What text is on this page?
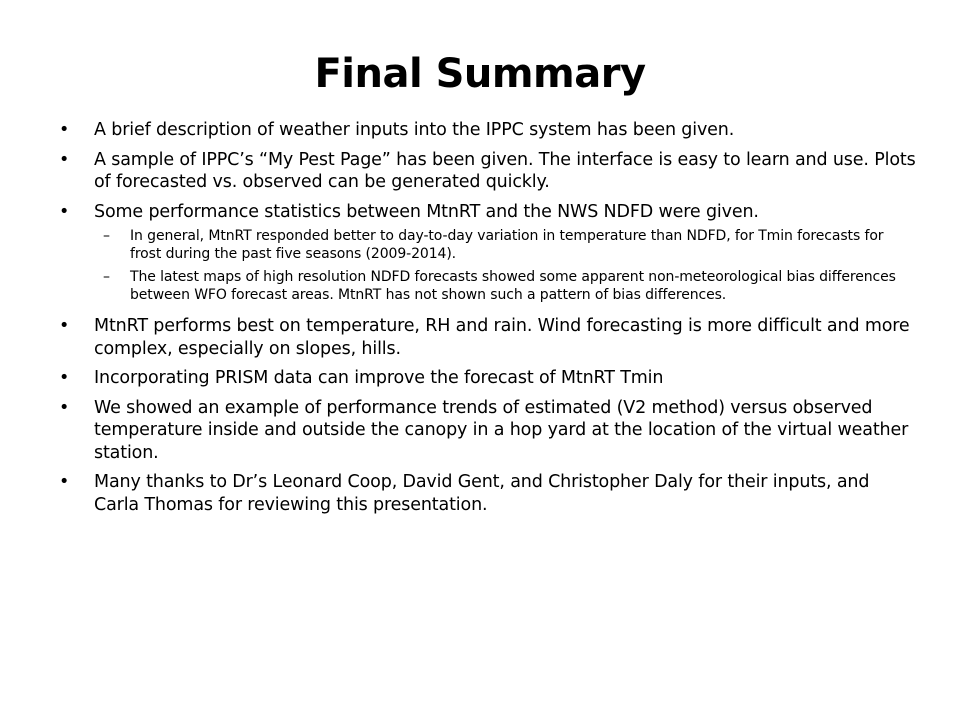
Final Summary
• A brief description of weather inputs into the IPPC system has been given.
• A sample of IPPC’s “My Pest Page” has been given. The interface is easy to learn and use. Plots of forecasted vs. observed can be generated quickly.
• Some performance statistics between MtnRT and the NWS NDFD were given.
– In general, MtnRT responded better to day-to-day variation in temperature than NDFD, for Tmin forecasts for frost during the past five seasons (2009-2014).
– The latest maps of high resolution NDFD forecasts showed some apparent non-meteorological bias differences between WFO forecast areas. MtnRT has not shown such a pattern of bias differences.
• MtnRT performs best on temperature, RH and rain. Wind forecasting is more difficult and more complex, especially on slopes, hills.
• Incorporating PRISM data can improve the forecast of MtnRT Tmin
• We showed an example of performance trends of estimated (V2 method) versus observed temperature inside and outside the canopy in a hop yard at the location of the virtual weather station.
• Many thanks to Dr’s Leonard Coop, David Gent, and Christopher Daly for their inputs, and Carla Thomas for reviewing this presentation.
